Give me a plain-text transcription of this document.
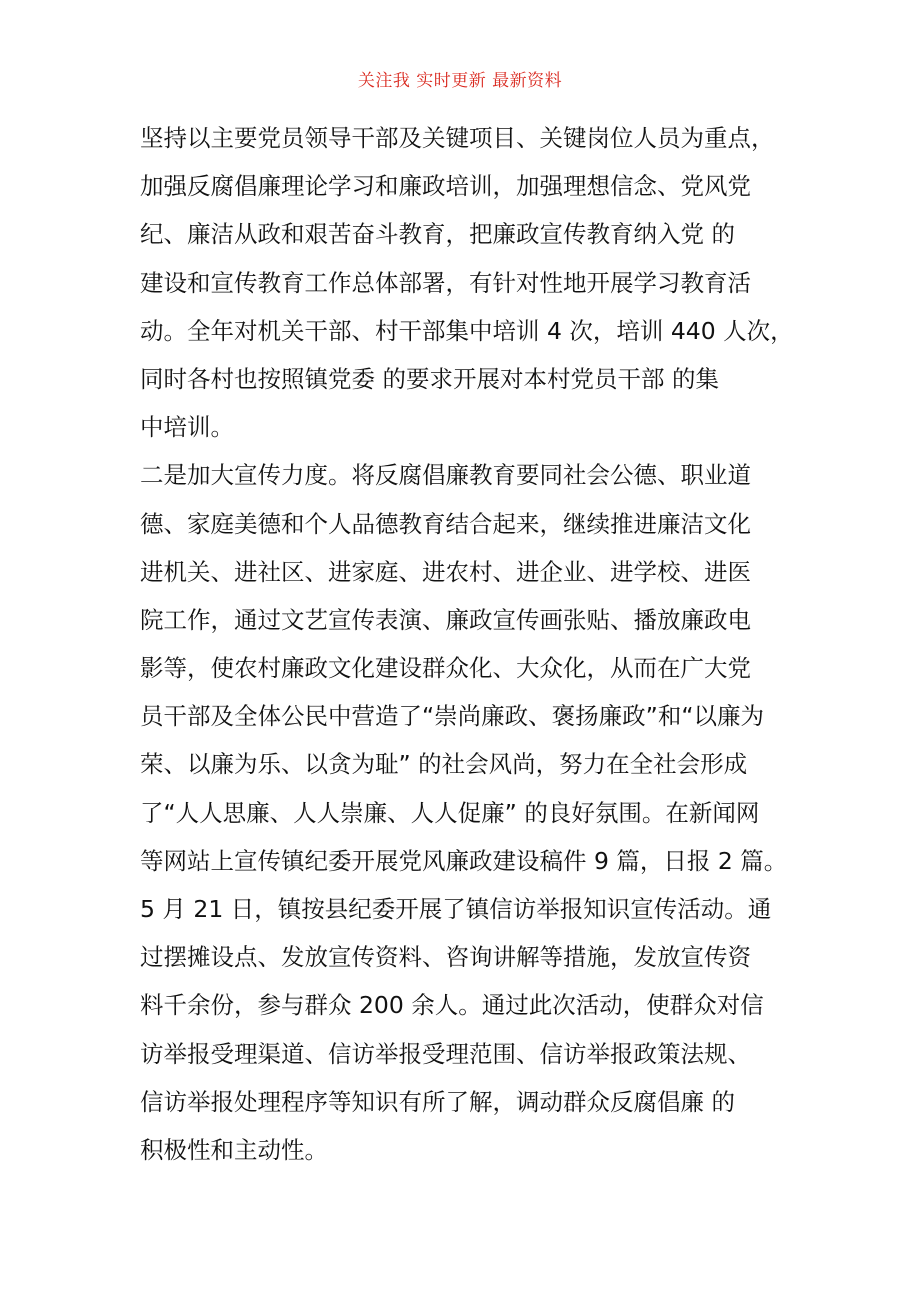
关注我 实时更新 最新资料
坚持以主要党员领导干部及关键项目、关键岗位人员为重点，
加强反腐倡廉理论学习和廉政培训，加强理想信念、党风党
纪、廉洁从政和艰苦奋斗教育，把廉政宣传教育纳入党 的
建设和宣传教育工作总体部署，有针对性地开展学习教育活
动。全年对机关干部、村干部集中培训 4 次，培训 440 人次，
同时各村也按照镇党委 的要求开展对本村党员干部 的集
中培训。
二是加大宣传力度。将反腐倡廉教育要同社会公德、职业道
德、家庭美德和个人品德教育结合起来，继续推进廉洁文化
进机关、进社区、进家庭、进农村、进企业、进学校、进医
院工作，通过文艺宣传表演、廉政宣传画张贴、播放廉政电
影等，使农村廉政文化建设群众化、大众化，从而在广大党
员干部及全体公民中营造了“崇尚廉政、褒扬廉政”和“以廉为
荣、以廉为乐、以贪为耻” 的社会风尚，努力在全社会形成
了“人人思廉、人人崇廉、人人促廉” 的良好氛围。在新闻网
等网站上宣传镇纪委开展党风廉政建设稿件 9 篇，日报 2 篇。
5 月 21 日，镇按县纪委开展了镇信访举报知识宣传活动。通
过摆摊设点、发放宣传资料、咨询讲解等措施，发放宣传资
料千余份，参与群众 200 余人。通过此次活动，使群众对信
访举报受理渠道、信访举报受理范围、信访举报政策法规、
信访举报处理程序等知识有所了解，调动群众反腐倡廉 的
积极性和主动性。
